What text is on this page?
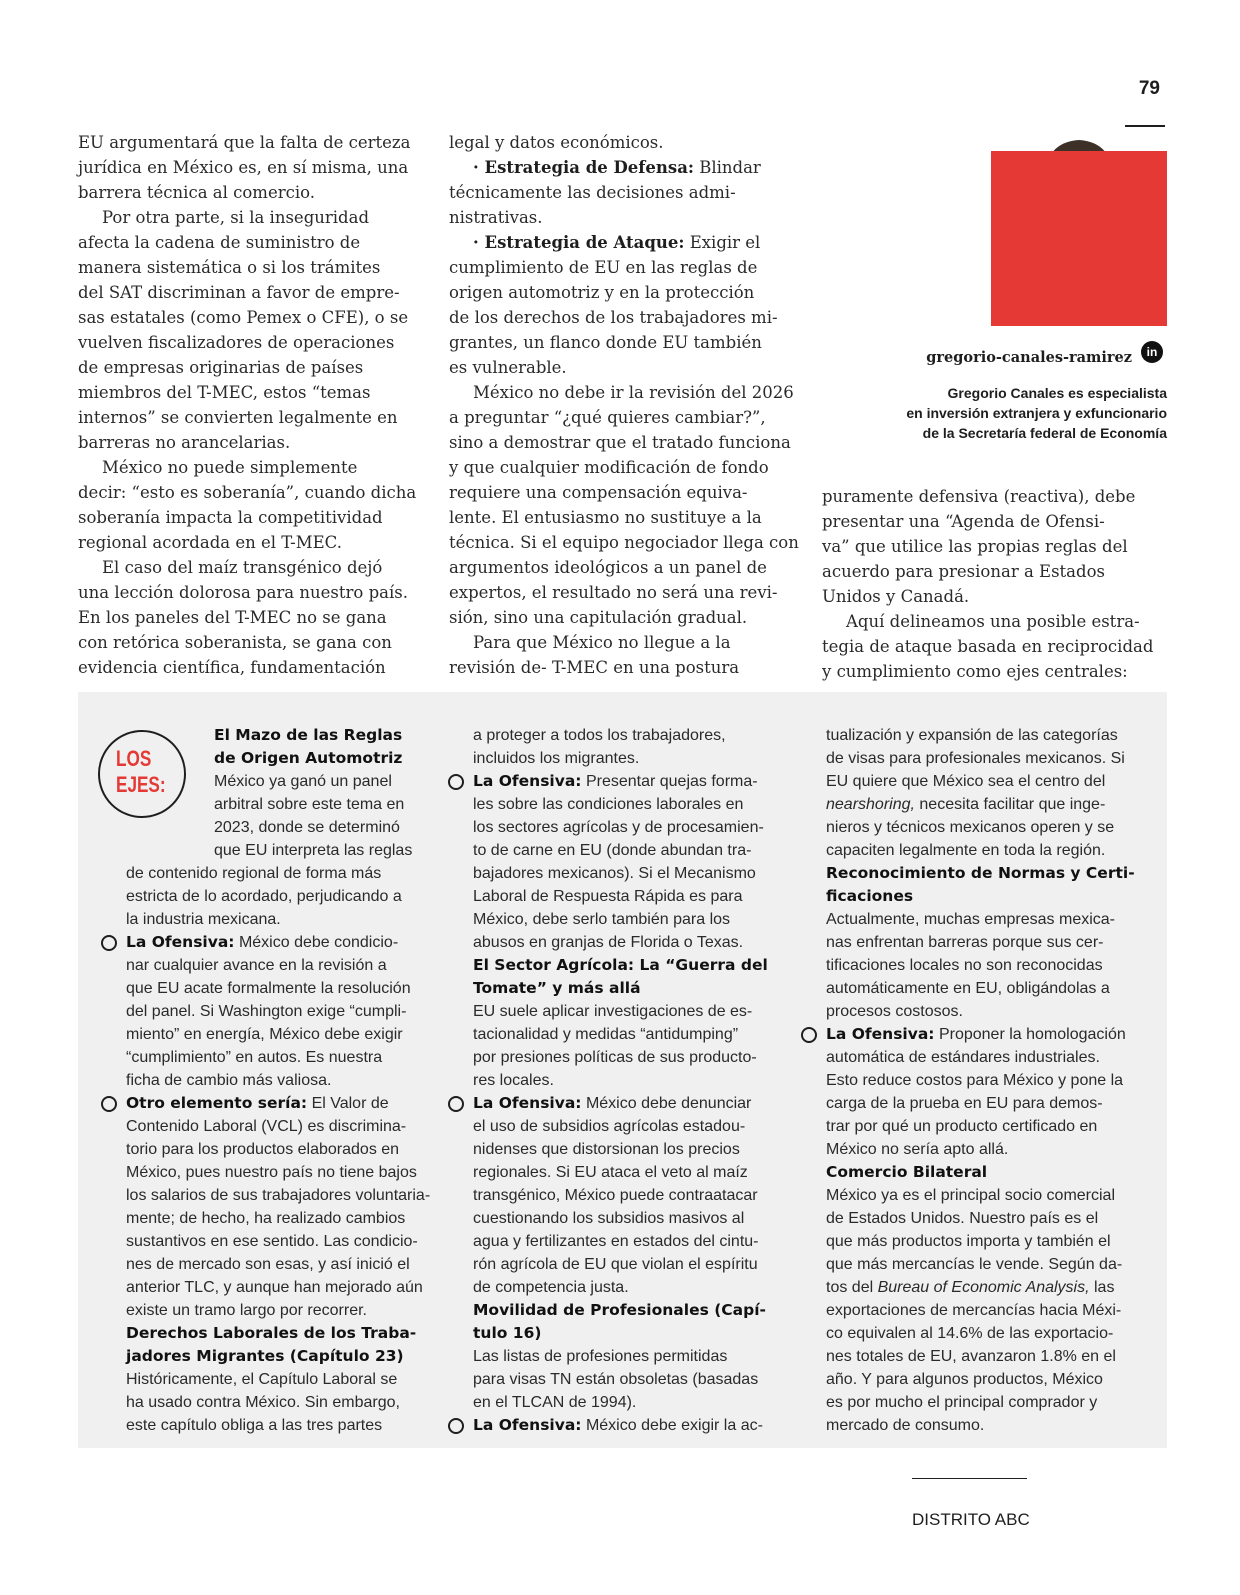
79

EU argumentará que la falta de certeza

jurídica en México es, en sí misma, una

barrera técnica al comercio.

Por otra parte, si la inseguridad

afecta la cadena de suministro de

manera sistemática o si los trámites

del SAT discriminan a favor de empre-

sas estatales (como Pemex o CFE), o se

vuelven fiscalizadores de operaciones

de empresas originarias de países

miembros del T-MEC, estos “temas

internos” se convierten legalmente en

barreras no arancelarias.

México no puede simplemente

decir: “esto es soberanía”, cuando dicha

soberanía impacta la competitividad

regional acordada en el T-MEC.

El caso del maíz transgénico dejó

una lección dolorosa para nuestro país.

En los paneles del T-MEC no se gana

con retórica soberanista, se gana con

evidencia científica, fundamentación

legal y datos económicos.

· Estrategia de Defensa: Blindar

técnicamente las decisiones admi-

nistrativas.

· Estrategia de Ataque: Exigir el

cumplimiento de EU en las reglas de

origen automotriz y en la protección

de los derechos de los trabajadores mi-

grantes, un flanco donde EU también

es vulnerable.

México no debe ir la revisión del 2026

a preguntar “¿qué quieres cambiar?”,

sino a demostrar que el tratado funciona

y que cualquier modificación de fondo

requiere una compensación equiva-

lente. El entusiasmo no sustituye a la

técnica. Si el equipo negociador llega con

argumentos ideológicos a un panel de

expertos, el resultado no será una revi-

sión, sino una capitulación gradual.

Para que México no llegue a la

revisión de- T-MEC en una postura

gregorio-canales-ramirez	in
Gregorio Canales es especialista
en inversión extranjera y exfuncionario
de la Secretaría federal de Economía

puramente defensiva (reactiva), debe

presentar una “Agenda de Ofensi-

va” que utilice las propias reglas del

acuerdo para presionar a Estados

Unidos y Canadá.

Aquí delineamos una posible estra-

tegia de ataque basada en reciprocidad

y cumplimiento como ejes centrales:

LOS
EJES:

El Mazo de las Reglas

de Origen Automotriz

México ya ganó un panel

arbitral sobre este tema en

2023, donde se determinó

que EU interpreta las reglas

de contenido regional de forma más

estricta de lo acordado, perjudicando a

la industria mexicana.

La Ofensiva: México debe condicio-

nar cualquier avance en la revisión a

que EU acate formalmente la resolución

del panel. Si Washington exige “cumpli-

miento” en energía, México debe exigir

“cumplimiento” en autos. Es nuestra

ficha de cambio más valiosa.

Otro elemento sería: El Valor de

Contenido Laboral (VCL) es discrimina-

torio para los productos elaborados en

México, pues nuestro país no tiene bajos

los salarios de sus trabajadores voluntaria-

mente; de hecho, ha realizado cambios

sustantivos en ese sentido. Las condicio-

nes de mercado son esas, y así inició el

anterior TLC, y aunque han mejorado aún

existe un tramo largo por recorrer.

Derechos Laborales de los Traba-

jadores Migrantes (Capítulo 23)

Históricamente, el Capítulo Laboral se

ha usado contra México. Sin embargo,

este capítulo obliga a las tres partes

a proteger a todos los trabajadores,

incluidos los migrantes.

La Ofensiva: Presentar quejas forma-

les sobre las condiciones laborales en

los sectores agrícolas y de procesamien-

to de carne en EU (donde abundan tra-

bajadores mexicanos). Si el Mecanismo

Laboral de Respuesta Rápida es para

México, debe serlo también para los

abusos en granjas de Florida o Texas.

El Sector Agrícola: La “Guerra del

Tomate” y más allá

EU suele aplicar investigaciones de es-

tacionalidad y medidas “antidumping”

por presiones políticas de sus producto-

res locales.

La Ofensiva: México debe denunciar

el uso de subsidios agrícolas estadou-

nidenses que distorsionan los precios

regionales. Si EU ataca el veto al maíz

transgénico, México puede contraatacar

cuestionando los subsidios masivos al

agua y fertilizantes en estados del cintu-

rón agrícola de EU que violan el espíritu

de competencia justa.

Movilidad de Profesionales (Capí-

tulo 16)

Las listas de profesiones permitidas

para visas TN están obsoletas (basadas

en el TLCAN de 1994).

La Ofensiva: México debe exigir la ac-

tualización y expansión de las categorías

de visas para profesionales mexicanos. Si

EU quiere que México sea el centro del

nearshoring, necesita facilitar que inge-

nieros y técnicos mexicanos operen y se

capaciten legalmente en toda la región.

Reconocimiento de Normas y Certi-

ficaciones

Actualmente, muchas empresas mexica-

nas enfrentan barreras porque sus cer-

tificaciones locales no son reconocidas

automáticamente en EU, obligándolas a

procesos costosos.

La Ofensiva: Proponer la homologación

automática de estándares industriales.

Esto reduce costos para México y pone la

carga de la prueba en EU para demos-

trar por qué un producto certificado en

México no sería apto allá.

Comercio Bilateral

México ya es el principal socio comercial

de Estados Unidos. Nuestro país es el

que más productos importa y también el

que más mercancías le vende. Según da-

tos del Bureau of Economic Analysis, las

exportaciones de mercancías hacia Méxi-

co equivalen al 14.6% de las exportacio-

nes totales de EU, avanzaron 1.8% en el

año. Y para algunos productos, México

es por mucho el principal comprador y

mercado de consumo.

DISTRITO ABC
